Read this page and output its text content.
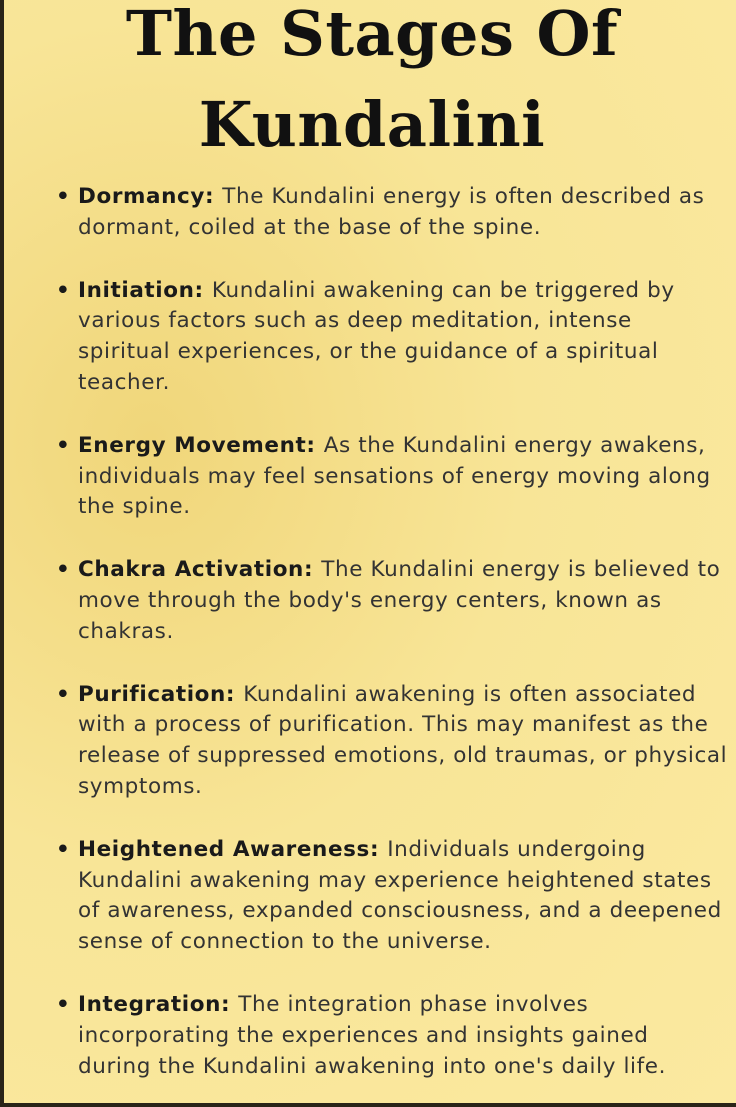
The Stages Of
Kundalini
• Dormancy: The Kundalini energy is often described as dormant, coiled at the base of the spine.
• Initiation: Kundalini awakening can be triggered by various factors such as deep meditation, intense spiritual experiences, or the guidance of a spiritual teacher.
• Energy Movement: As the Kundalini energy awakens, individuals may feel sensations of energy moving along the spine.
• Chakra Activation: The Kundalini energy is believed to move through the body's energy centers, known as chakras.
• Purification: Kundalini awakening is often associated with a process of purification. This may manifest as the release of suppressed emotions, old traumas, or physical symptoms.
• Heightened Awareness: Individuals undergoing Kundalini awakening may experience heightened states of awareness, expanded consciousness, and a deepened sense of connection to the universe.
• Integration: The integration phase involves incorporating the experiences and insights gained during the Kundalini awakening into one's daily life.
